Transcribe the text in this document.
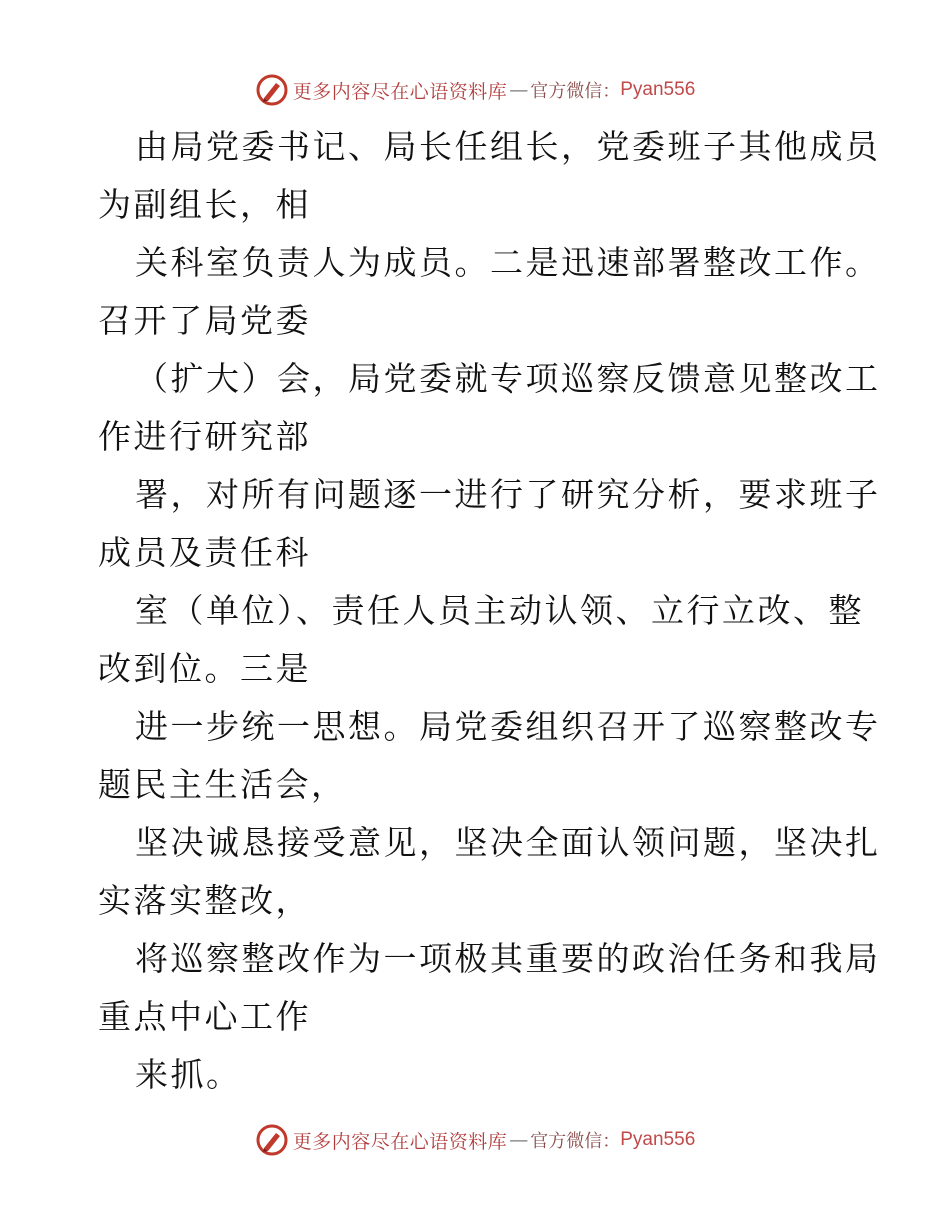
更多内容尽在心语资料库 — 官方微信： Pyan556
由局党委书记、局长任组长，党委班子其他成员
为副组长，相
关科室负责人为成员。二是迅速部署整改工作。
召开了局党委
（扩大）会，局党委就专项巡察反馈意见整改工
作进行研究部
署，对所有问题逐一进行了研究分析，要求班子
成员及责任科
室（单位）、责任人员主动认领、立行立改、整
改到位。三是
进一步统一思想。局党委组织召开了巡察整改专
题民主生活会，
坚决诚恳接受意见，坚决全面认领问题，坚决扎
实落实整改，
将巡察整改作为一项极其重要的政治任务和我局
重点中心工作
来抓。
更多内容尽在心语资料库 — 官方微信： Pyan556
